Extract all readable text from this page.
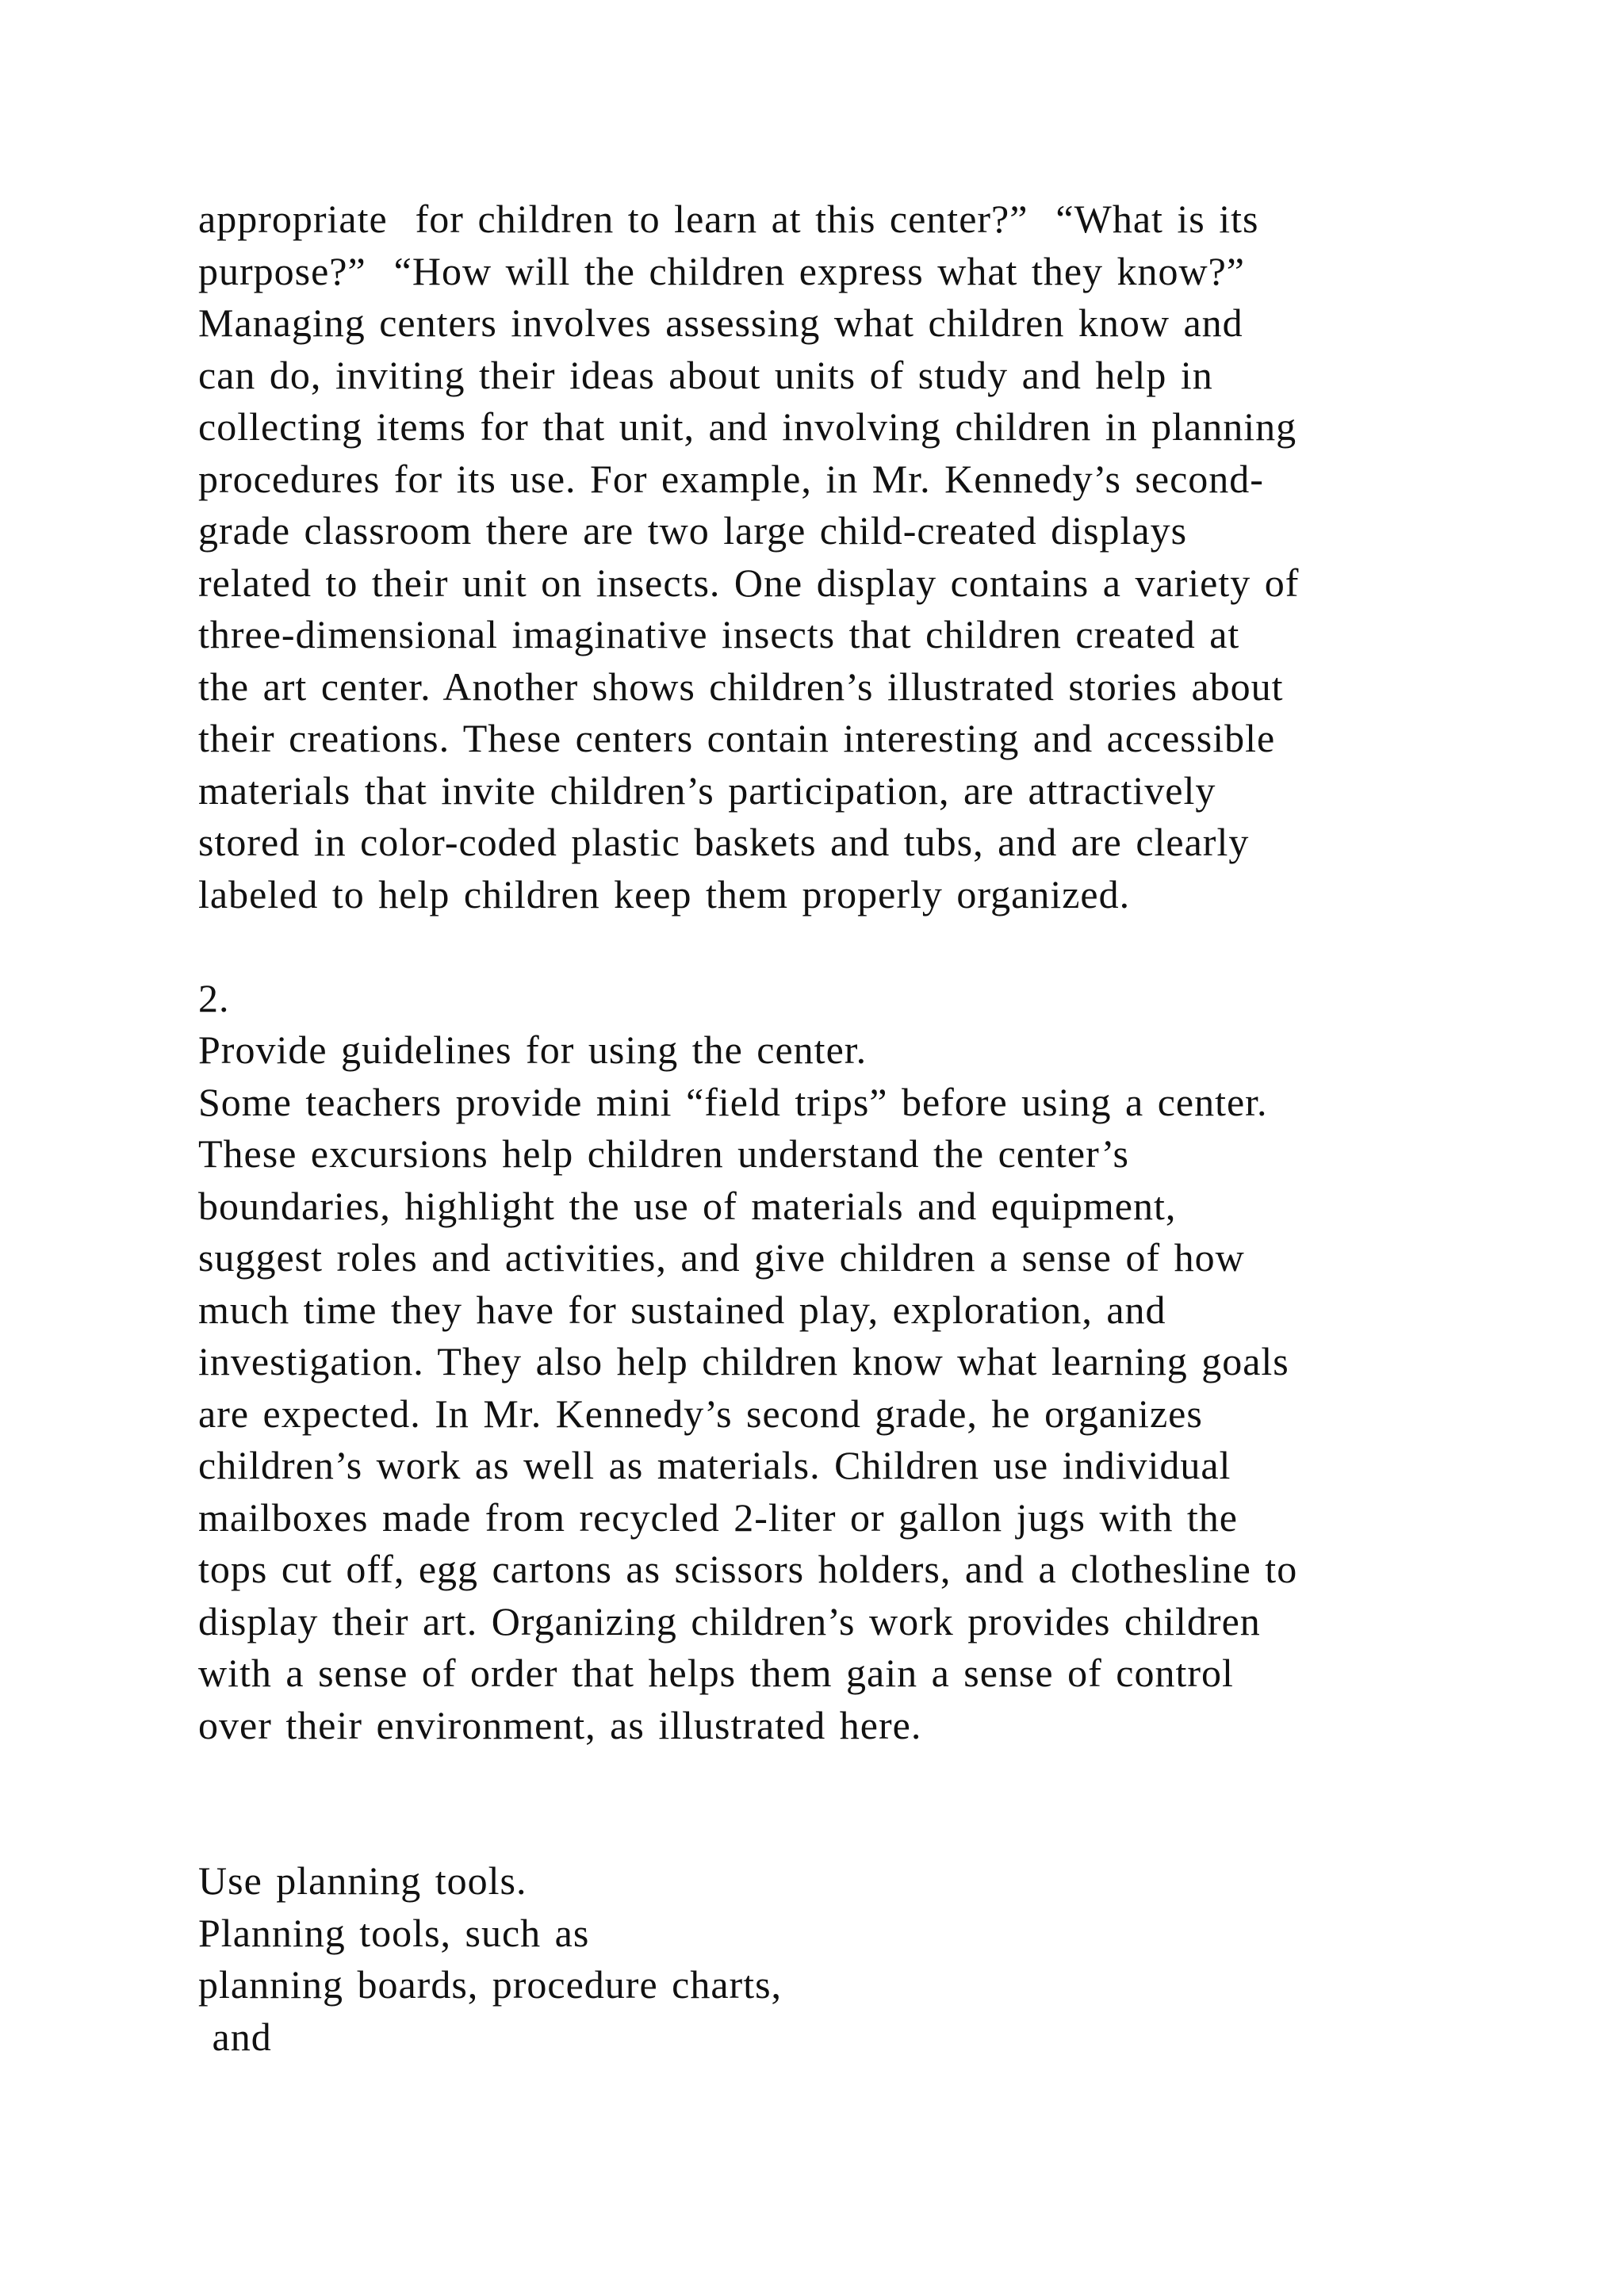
appropriate  for children to learn at this center?”  “What is its
purpose?”  “How will the children express what they know?”
Managing centers involves assessing what children know and
can do, inviting their ideas about units of study and help in
collecting items for that unit, and involving children in planning
procedures for its use. For example, in Mr. Kennedy’s second-
grade classroom there are two large child-created displays
related to their unit on insects. One display contains a variety of
three-dimensional imaginative insects that children created at
the art center. Another shows children’s illustrated stories about
their creations. These centers contain interesting and accessible
materials that invite children’s participation, are attractively
stored in color-coded plastic baskets and tubs, and are clearly
labeled to help children keep them properly organized.
2.
Provide guidelines for using the center.
Some teachers provide mini “field trips” before using a center.
These excursions help children understand the center’s
boundaries, highlight the use of materials and equipment,
suggest roles and activities, and give children a sense of how
much time they have for sustained play, exploration, and
investigation. They also help children know what learning goals
are expected. In Mr. Kennedy’s second grade, he organizes
children’s work as well as materials. Children use individual
mailboxes made from recycled 2-liter or gallon jugs with the
tops cut off, egg cartons as scissors holders, and a clothesline to
display their art. Organizing children’s work provides children
with a sense of order that helps them gain a sense of control
over their environment, as illustrated here.
Use planning tools.
Planning tools, such as
planning boards, procedure charts,
and
